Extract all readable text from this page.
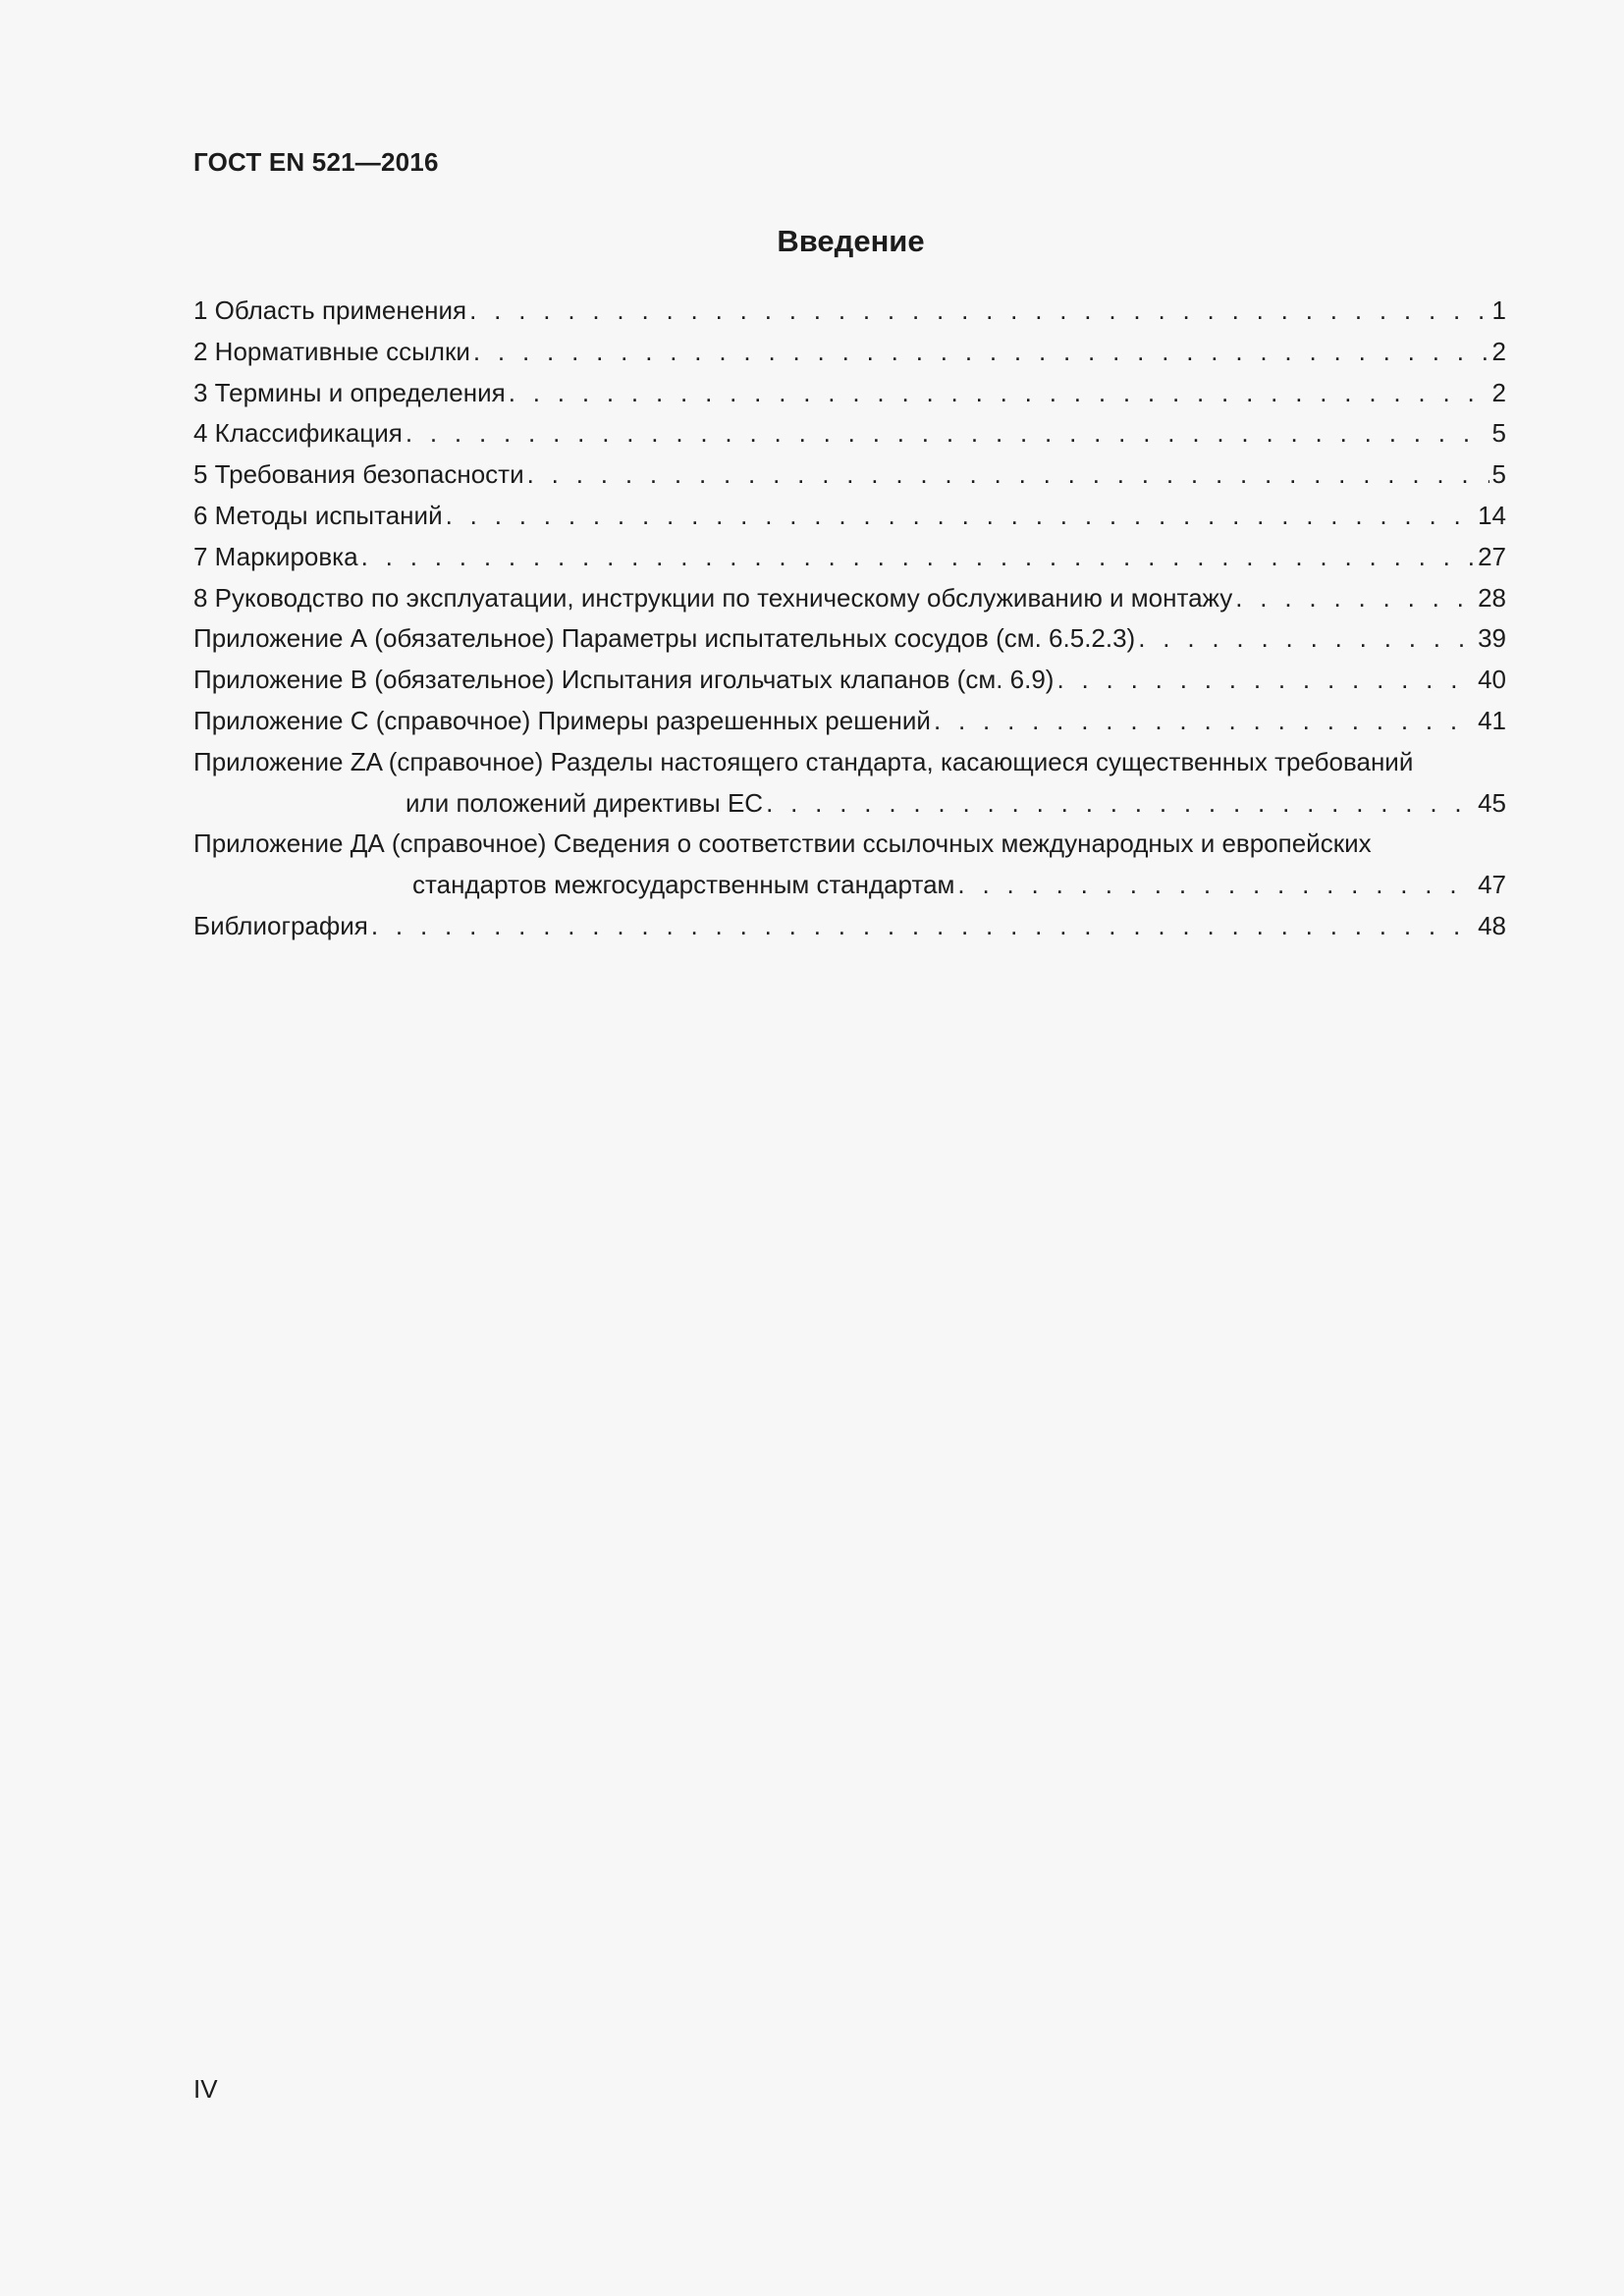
ГОСТ EN 521—2016
Введение
1 Область применения . . .	1
2 Нормативные ссылки . . .	2
3 Термины и определения . . .	2
4 Классификация . . .	5
5 Требования безопасности . . .	5
6 Методы испытаний . . .	14
7 Маркировка . . .	27
8 Руководство по эксплуатации, инструкции по техническому обслуживанию и монтажу . . .	28
Приложение А (обязательное) Параметры испытательных сосудов (см. 6.5.2.3) . . .	39
Приложение В (обязательное) Испытания игольчатых клапанов (см. 6.9) . . .	40
Приложение С (справочное) Примеры разрешенных решений . . .	41
Приложение ZA (справочное) Разделы настоящего стандарта, касающиеся существенных требований
или положений директивы ЕС . . .	45
Приложение ДА (справочное) Сведения о соответствии ссылочных международных и европейских
стандартов межгосударственным стандартам . . .	47
Библиография . . .	48
IV
